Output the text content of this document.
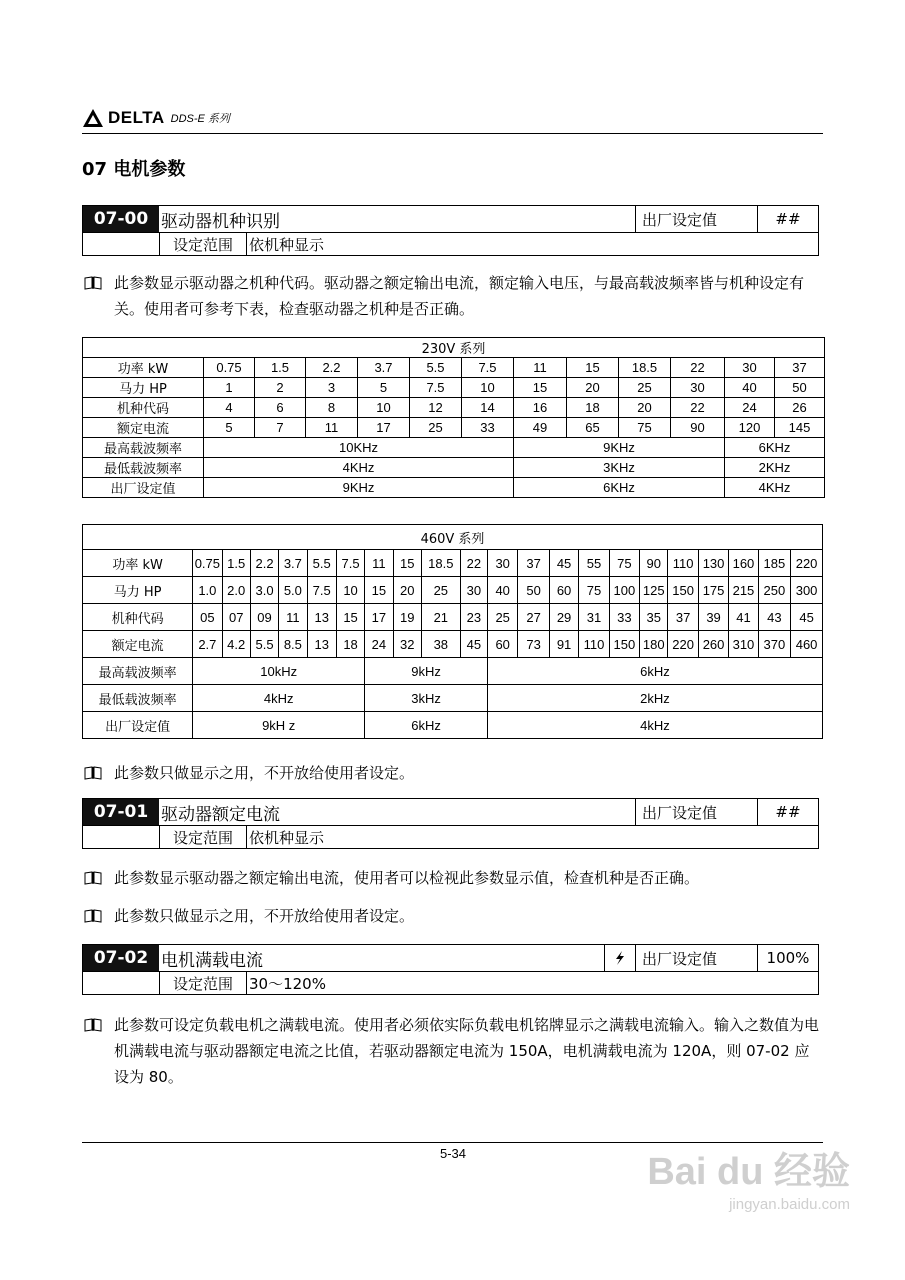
DELTA DDS-E 系列
07 电机参数
07-00 驱动器机种识别	出厂设定值	##
设定范围	依机种显示
此参数显示驱动器之机种代码。驱动器之额定输出电流，额定输入电压，与最高载波频率皆与机种设定有关。使用者可参考下表，检查驱动器之机种是否正确。
230V 系列												
功率 kW	0.75	1.5	2.2	3.7	5.5	7.5	11	15	18.5	22	30	37
马力 HP	1	2	3	5	7.5	10	15	20	25	30	40	50
机种代码	4	6	8	10	12	14	16	18	20	22	24	26
额定电流	5	7	11	17	25	33	49	65	75	90	120	145
最高载波频率	10KHz						9KHz				6KHz	
最低载波频率	4KHz						3KHz				2KHz	
出厂设定值	9KHz						6KHz				4KHz	
460V 系列																					
功率 kW	0.75	1.5	2.2	3.7	5.5	7.5	11	15	18.5	22	30	37	45	55	75	90	110	130	160	185	220
马力 HP	1.0	2.0	3.0	5.0	7.5	10	15	20	25	30	40	50	60	75	100	125	150	175	215	250	300
机种代码	05	07	09	11	13	15	17	19	21	23	25	27	29	31	33	35	37	39	41	43	45
额定电流	2.7	4.2	5.5	8.5	13	18	24	32	38	45	60	73	91	110	150	180	220	260	310	370	460
最高载波频率	10kHz						9kHz				6kHz										
最低载波频率	4kHz						3kHz				2kHz										
出厂设定值	9kH z						6kHz				4kHz										
此参数只做显示之用，不开放给使用者设定。
07-01 驱动器额定电流	出厂设定值	##
设定范围	依机种显示
此参数显示驱动器之额定输出电流，使用者可以检视此参数显示值，检查机种是否正确。
此参数只做显示之用，不开放给使用者设定。
07-02 电机满载电流	出厂设定值	100%
设定范围	30～120%
此参数可设定负载电机之满载电流。使用者必须依实际负载电机铭牌显示之满载电流输入。输入之数值为电机满载电流与驱动器额定电流之比值，若驱动器额定电流为 150A，电机满载电流为 120A，则 07-02 应设为 80。
5-34	Bai du 经验
jingyan.baidu.com
